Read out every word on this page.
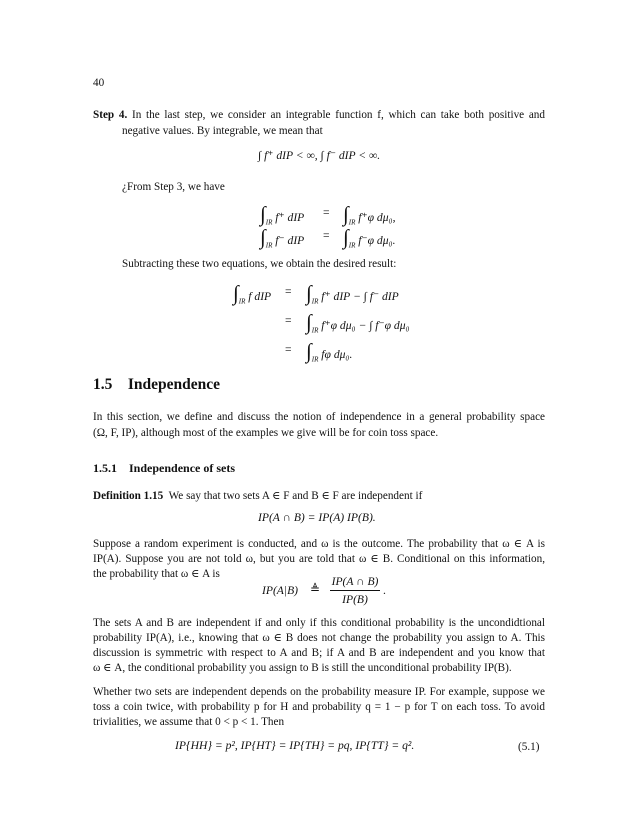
40
Step 4. In the last step, we consider an integrable function f, which can take both positive and
negative values. By integrable, we mean that
∫ f⁺ dIP < ∞, ∫ f⁻ dIP < ∞.
¿From Step 3, we have
$\int_{IR}$ f⁺ dIP = $\int_{IR}$ f⁺φ dμ₀,
$\int_{IR}$ f⁻ dIP = $\int_{IR}$ f⁻φ dμ₀.
Subtracting these two equations, we obtain the desired result:
$\int_{IR}$ f dIP = $\int_{IR}$ f⁺ dIP − ∫ f⁻ dIP
= $\int_{IR}$ f⁺φ dμ₀ − ∫ f⁻φ dμ₀
= $\int_{IR}$ fφ dμ₀.
1.5 Independence
In this section, we define and discuss the notion of independence in a general probability space
(Ω, F, IP), although most of the examples we give will be for coin toss space.
1.5.1 Independence of sets
Definition 1.15 We say that two sets A ∈ F and B ∈ F are independent if
IP(A ∩ B) = IP(A) IP(B).
Suppose a random experiment is conducted, and ω is the outcome. The probability that ω ∈ A is
IP(A). Suppose you are not told ω, but you are told that ω ∈ B. Conditional on this information,
the probability that ω ∈ A is
IP(A|B) ≜
IP(A ∩ B)
IP(B)
.
The sets A and B are independent if and only if this conditional probability is the uncondidtional
probability IP(A), i.e., knowing that ω ∈ B does not change the probability you assign to A. This
discussion is symmetric with respect to A and B; if A and B are independent and you know that
ω ∈ A, the conditional probability you assign to B is still the unconditional probability IP(B).
Whether two sets are independent depends on the probability measure IP. For example, suppose we
toss a coin twice, with probability p for H and probability q = 1 − p for T on each toss. To avoid
trivialities, we assume that 0 < p < 1. Then
IP{HH} = p², IP{HT} = IP{TH} = pq, IP{TT} = q².	(5.1)
